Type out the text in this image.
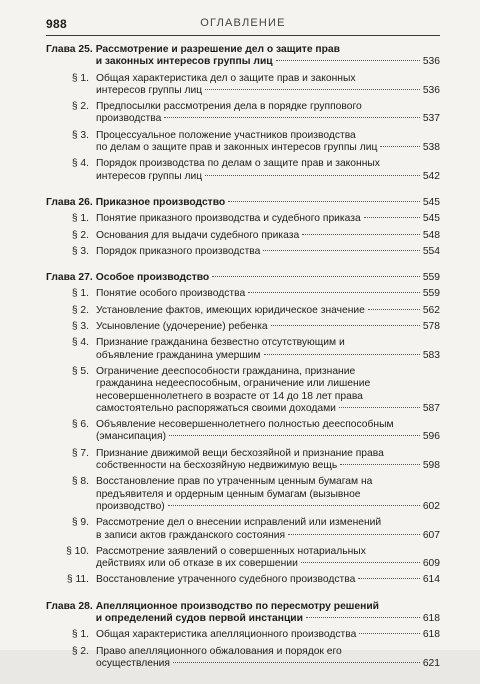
988	ОГЛАВЛЕНИЕ
Глава 25. Рассмотрение и разрешение дел о защите прав
и законных интересов группы лиц	536
§ 1. Общая характеристика дел о защите прав и законных
интересов группы лиц	536
§ 2. Предпосылки рассмотрения дела в порядке группового
производства	537
§ 3. Процессуальное положение участников производства
по делам о защите прав и законных интересов группы лиц	538
§ 4. Порядок производства по делам о защите прав и законных
интересов группы лиц	542
Глава 26. Приказное производство	545
§ 1. Понятие приказного производства и судебного приказа	545
§ 2. Основания для выдачи судебного приказа	548
§ 3. Порядок приказного производства	554
Глава 27. Особое производство	559
§ 1. Понятие особого производства	559
§ 2. Установление фактов, имеющих юридическое значение	562
§ 3. Усыновление (удочерение) ребенка	578
§ 4. Признание гражданина безвестно отсутствующим и
объявление гражданина умершим	583
§ 5. Ограничение дееспособности гражданина, признание
гражданина недееспособным, ограничение или лишение
несовершеннолетнего в возрасте от 14 до 18 лет права
самостоятельно распоряжаться своими доходами	587
§ 6. Объявление несовершеннолетнего полностью дееспособным
(эмансипация)	596
§ 7. Признание движимой вещи бесхозяйной и признание права
собственности на бесхозяйную недвижимую вещь	598
§ 8. Восстановление прав по утраченным ценным бумагам на
предъявителя и ордерным ценным бумагам (вызывное
производство)	602
§ 9. Рассмотрение дел о внесении исправлений или изменений
в записи актов гражданского состояния	607
§ 10. Рассмотрение заявлений о совершенных нотариальных
действиях или об отказе в их совершении	609
§ 11. Восстановление утраченного судебного производства	614
Глава 28. Апелляционное производство по пересмотру решений
и определений судов первой инстанции	618
§ 1. Общая характеристика апелляционного производства	618
§ 2. Право апелляционного обжалования и порядок его
осуществления	621
